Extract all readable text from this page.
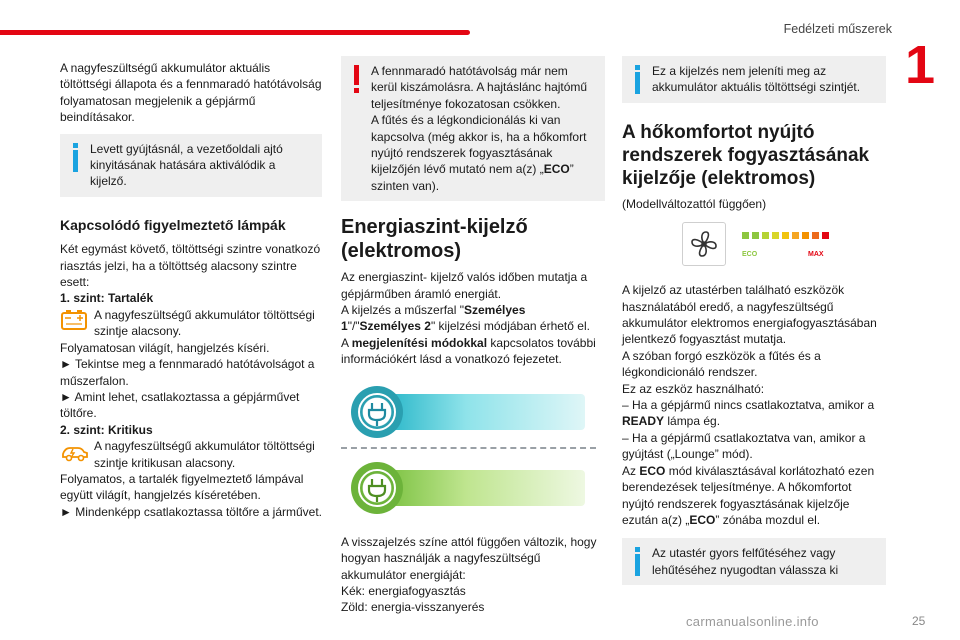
Fedélzeti műszerek
1

A nagyfeszültségű akkumulátor aktuális töltöttségi állapota és a fennmaradó hatótávolság folyamatosan megjelenik a gépjármű beindításakor.

Levett gyújtásnál, a vezetőoldali ajtó kinyitásának hatására aktiválódik a kijelző.
Kapcsolódó figyelmeztető lámpák

Két egymást követő, töltöttségi szintre vonatkozó riasztás jelzi, ha a töltöttség alacsony szintre esett:

1. szint: Tartalék

A nagyfeszültségű akkumulátor töltöttségi szintje alacsony.

Folyamatosan világít, hangjelzés kíséri.

► Tekintse meg a fennmaradó hatótávolságot a műszerfalon.

► Amint lehet, csatlakoztassa a gépjárművet töltőre.

2. szint: Kritikus

A nagyfeszültségű akkumulátor töltöttségi szintje kritikusan alacsony.

Folyamatos, a tartalék figyelmeztető lámpával együtt világít, hangjelzés kíséretében.

► Mindenképp csatlakoztassa töltőre a járművet.

A fennmaradó hatótávolság már nem kerül kiszámolásra. A hajtáslánc hajtómű teljesítménye fokozatosan csökken.
A fűtés és a légkondicionálás ki van kapcsolva (még akkor is, ha a hőkomfort nyújtó rendszerek fogyasztásának kijelzőjén lévő mutató nem a(z) „ECO” szinten van).
Energiaszint-kijelző (elektromos)

Az energiaszint- kijelző valós időben mutatja a gépjárműben áramló energiát.

A kijelzés a műszerfal "Személyes 1"/"Személyes 2" kijelzési módjában érhető el.

A megjelenítési módokkal kapcsolatos további információkért lásd a vonatkozó fejezetet.

A visszajelzés színe attól függően változik, hogy hogyan használják a nagyfeszültségű akkumulátor energiáját:

Kék: energiafogyasztás

Zöld: energia-visszanyerés

Ez a kijelzés nem jeleníti meg az akkumulátor aktuális töltöttségi szintjét.
A hőkomfortot nyújtó rendszerek fogyasztásának kijelzője (elektromos)

(Modellváltozattól függően)

ECO	MAX

A kijelző az utastérben található eszközök használatából eredő, a nagyfeszültségű akkumulátor elektromos energiafogyasztásában jelentkező fogyasztást mutatja.

A szóban forgó eszközök a fűtés és a légkondicionáló rendszer.

Ez az eszköz használható:

– Ha a gépjármű nincs csatlakoztatva, amikor a READY lámpa ég.

– Ha a gépjármű csatlakoztatva van, amikor a gyújtást („Lounge” mód).

Az ECO mód kiválasztásával korlátozható ezen berendezések teljesítménye. A hőkomfortot nyújtó rendszerek fogyasztásának kijelzője ezután a(z) „ECO” zónába mozdul el.

Az utastér gyors felfűtéséhez vagy lehűtéséhez nyugodtan válassza ki
carmanualsonline.info	25
